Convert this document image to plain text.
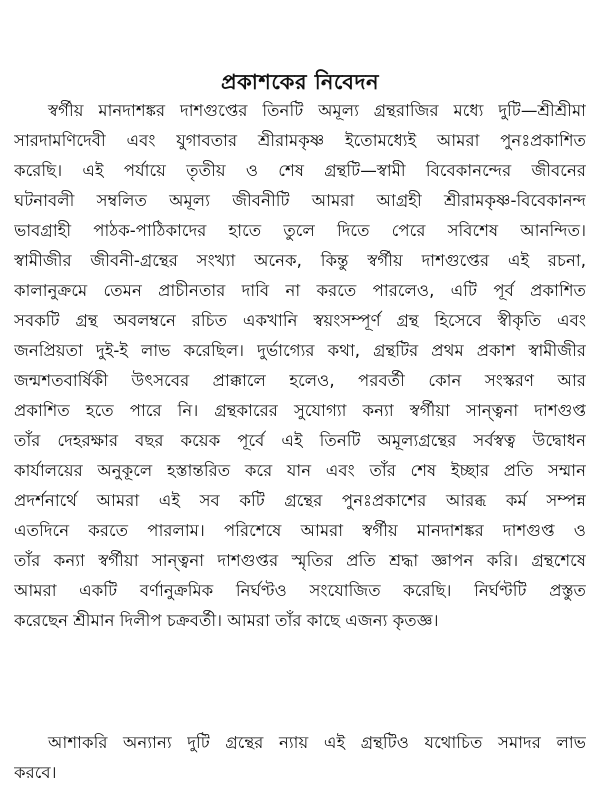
প্রকাশকের নিবেদন
স্বর্গীয় মানদাশঙ্কর দাশগুপ্তের তিনটি অমূল্য গ্রন্থরাজির মধ্যে দুটি—শ্রীশ্রীমা
সারদামণিদেবী এবং যুগাবতার শ্রীরামকৃষ্ণ ইতোমধ্যেই আমরা পুনঃপ্রকাশিত
করেছি। এই পর্যায়ে তৃতীয় ও শেষ গ্রন্থটি—স্বামী বিবেকানন্দের জীবনের
ঘটনাবলী সম্বলিত অমূল্য জীবনীটি আমরা আগ্রহী শ্রীরামকৃষ্ণ-বিবেকানন্দ
ভাবগ্রাহী পাঠক-পাঠিকাদের হাতে তুলে দিতে পেরে সবিশেষ আনন্দিত।
স্বামীজীর জীবনী-গ্রন্থের সংখ্যা অনেক, কিন্তু স্বর্গীয় দাশগুপ্তের এই রচনা,
কালানুক্রমে তেমন প্রাচীনতার দাবি না করতে পারলেও, এটি পূর্ব প্রকাশিত
সবকটি গ্রন্থ অবলম্বনে রচিত একখানি স্বয়ংসম্পূর্ণ গ্রন্থ হিসেবে স্বীকৃতি এবং
জনপ্রিয়তা দুই-ই লাভ করেছিল। দুর্ভাগ্যের কথা, গ্রন্থটির প্রথম প্রকাশ স্বামীজীর
জন্মশতবার্ষিকী উৎসবের প্রাক্কালে হলেও, পরবর্তী কোন সংস্করণ আর
প্রকাশিত হতে পারে নি। গ্রন্থকারের সুযোগ্যা কন্যা স্বর্গীয়া সান্ত্বনা দাশগুপ্ত
তাঁর দেহরক্ষার বছর কয়েক পূর্বে এই তিনটি অমূল্যগ্রন্থের সর্বস্বত্ব উদ্বোধন
কার্যালয়ের অনুকূলে হস্তান্তরিত করে যান এবং তাঁর শেষ ইচ্ছার প্রতি সম্মান
প্রদর্শনার্থে আমরা এই সব কটি গ্রন্থের পুনঃপ্রকাশের আরব্ধ কর্ম সম্পন্ন
এতদিনে করতে পারলাম। পরিশেষে আমরা স্বর্গীয় মানদাশঙ্কর দাশগুপ্ত ও
তাঁর কন্যা স্বর্গীয়া সান্ত্বনা দাশগুপ্তর স্মৃতির প্রতি শ্রদ্ধা জ্ঞাপন করি। গ্রন্থশেষে
আমরা একটি বর্ণানুক্রমিক নির্ঘণ্টও সংযোজিত করেছি। নির্ঘণ্টটি প্রস্তুত
করেছেন শ্রীমান দিলীপ চক্রবর্তী। আমরা তাঁর কাছে এজন্য কৃতজ্ঞ।
আশাকরি অন্যান্য দুটি গ্রন্থের ন্যায় এই গ্রন্থটিও যথোচিত সমাদর লাভ
করবে।
